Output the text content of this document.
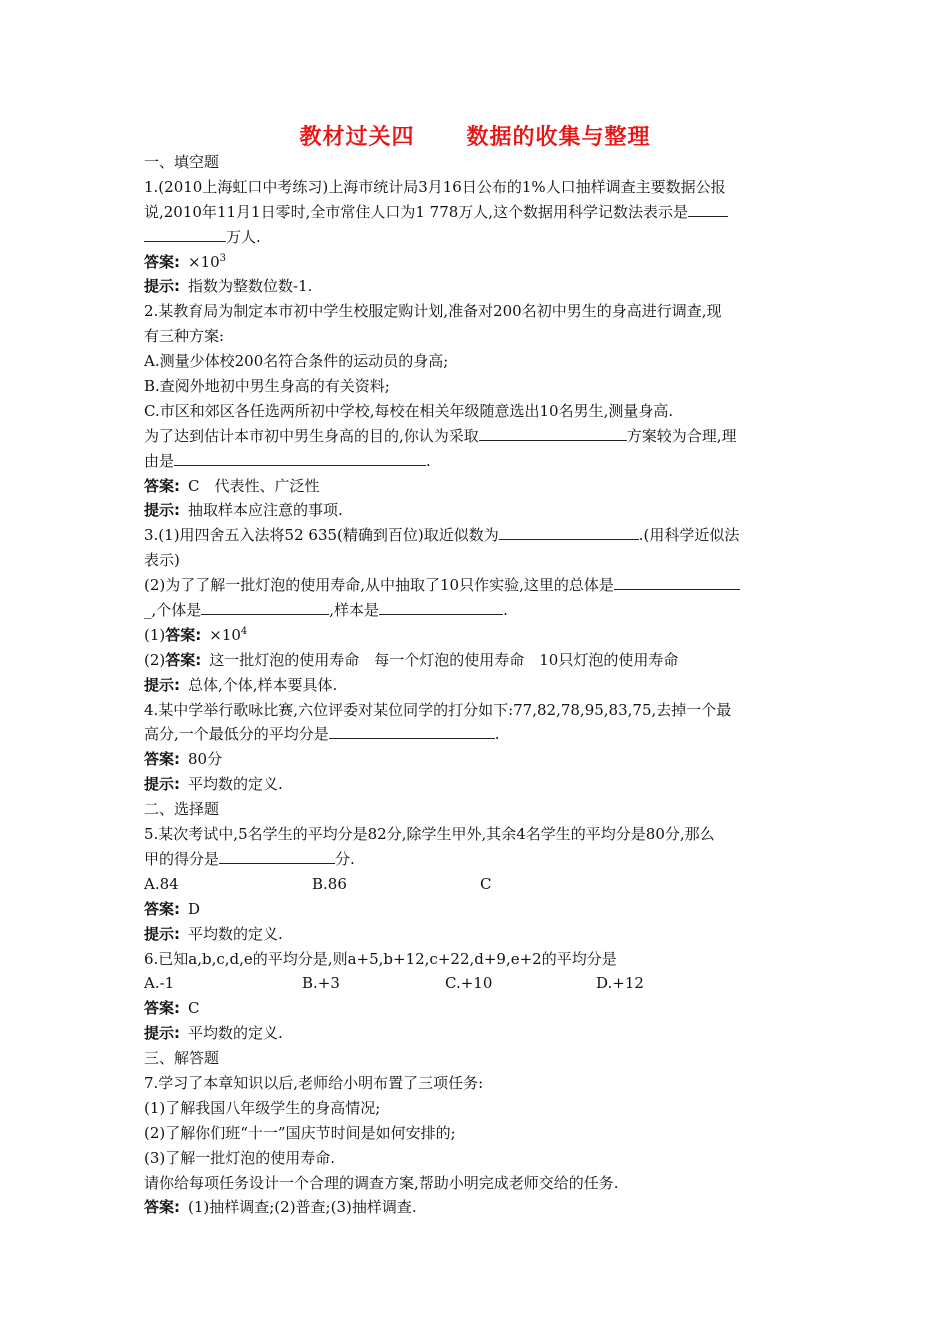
教材过关四 数据的收集与整理
一、填空题
1.(2010上海虹口中考练习)上海市统计局3月16日公布的1%人口抽样调查主要数据公报
说,2010年11月1日零时,全市常住人口为1 778万人,这个数据用科学记数法表示是
万人.
答案: $\times 10^3$
提示: 指数为整数位数-1.
2.某教育局为制定本市初中学生校服定购计划,准备对200名初中男生的身高进行调查,现
有三种方案:
A.测量少体校200名符合条件的运动员的身高;
B.查阅外地初中男生身高的有关资料;
C.市区和郊区各任选两所初中学校,每校在相关年级随意选出10名男生,测量身高.
为了达到估计本市初中男生身高的目的,你认为采取	方案较为合理,理
由是	.
答案: C　代表性、广泛性
提示: 抽取样本应注意的事项.
3.(1)用四舍五入法将52 635(精确到百位)取近似数为	.(用科学近似法
表示)
(2)为了了解一批灯泡的使用寿命,从中抽取了10只作实验,这里的总体是
_,个体是	,样本是	.
(1)答案: $\times 10^4$
(2)答案: 这一批灯泡的使用寿命　每一个灯泡的使用寿命　10只灯泡的使用寿命
提示: 总体,个体,样本要具体.
4.某中学举行歌咏比赛,六位评委对某位同学的打分如下:77,82,78,95,83,75,去掉一个最
高分,一个最低分的平均分是	.
答案: 80分
提示: 平均数的定义.
二、选择题
5.某次考试中,5名学生的平均分是82分,除学生甲外,其余4名学生的平均分是80分,那么
甲的得分是	分.
A.84	B.86	C
答案: D
提示: 平均数的定义.
6.已知a,b,c,d,e的平均分是,则a+5,b+12,c+22,d+9,e+2的平均分是
A.-1	B.+3	C.+10	D.+12
答案: C
提示: 平均数的定义.
三、解答题
7.学习了本章知识以后,老师给小明布置了三项任务:
(1)了解我国八年级学生的身高情况;
(2)了解你们班“十一”国庆节时间是如何安排的;
(3)了解一批灯泡的使用寿命.
请你给每项任务设计一个合理的调查方案,帮助小明完成老师交给的任务.
答案: (1)抽样调查;(2)普查;(3)抽样调查.
